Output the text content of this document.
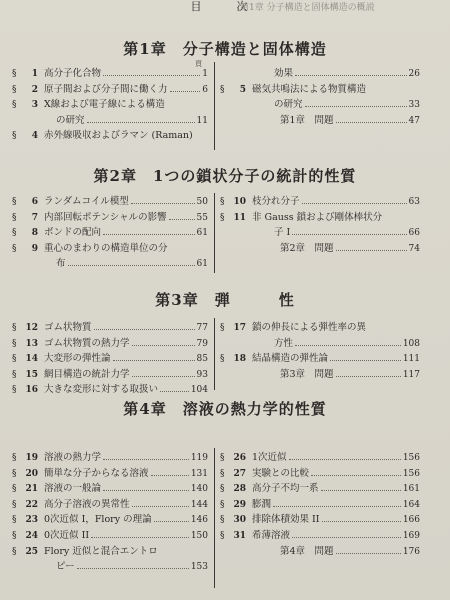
目　次
第1章 分子構造と固体構造の概説
第1章　分子構造と固体構造
第2章　1つの鎖状分子の統計的性質
第3章　弾　　　性
第4章　溶液の熱力学的性質
頁
§	1 高分子化合物	1
§	2 原子間および分子間に働く力	6
§	3 X線および電子線による構造
の研究	11
§	4 赤外線吸収およびラマン (Raman)
効果	26
§	5 磁気共鳴法による物質構造
の研究	33
第1章　問題	47
§	6 ランダムコイル模型	50
§	7 内部回転ポテンシャルの影響	55
§	8 ボンドの配向	61
§	9 重心のまわりの構造単位の分
布	61
§ 10 枝分れ分子	63
§ 11 非 Gauss 鎖および剛体棒状分
子 I	66
第2章　問題	74
§ 12 ゴム状物質	77
§ 13 ゴム状物質の熱力学	79
§ 14 大変形の弾性論	85
§ 15 網目構造の統計力学	93
§ 16 大きな変形に対する取扱い	104
§ 17 鎖の伸長による弾性率の異
方性	108
§ 18 結晶構造の弾性論	111
第3章　問題	117
§ 19 溶液の熱力学	119
§ 20 簡単な分子からなる溶液	131
§ 21 溶液の一般論	140
§ 22 高分子溶液の異常性	144
§ 23 0次近似 I，Flory の理論	146
§ 24 0次近似 II	150
§ 25 Flory 近似と混合エントロ
ピー	153
§ 26 1次近似	156
§ 27 実験との比較	156
§ 28 高分子不均一系	161
§ 29 膨潤	164
§ 30 排除体積効果 II	166
§ 31 希薄溶液	169
第4章　問題	176
